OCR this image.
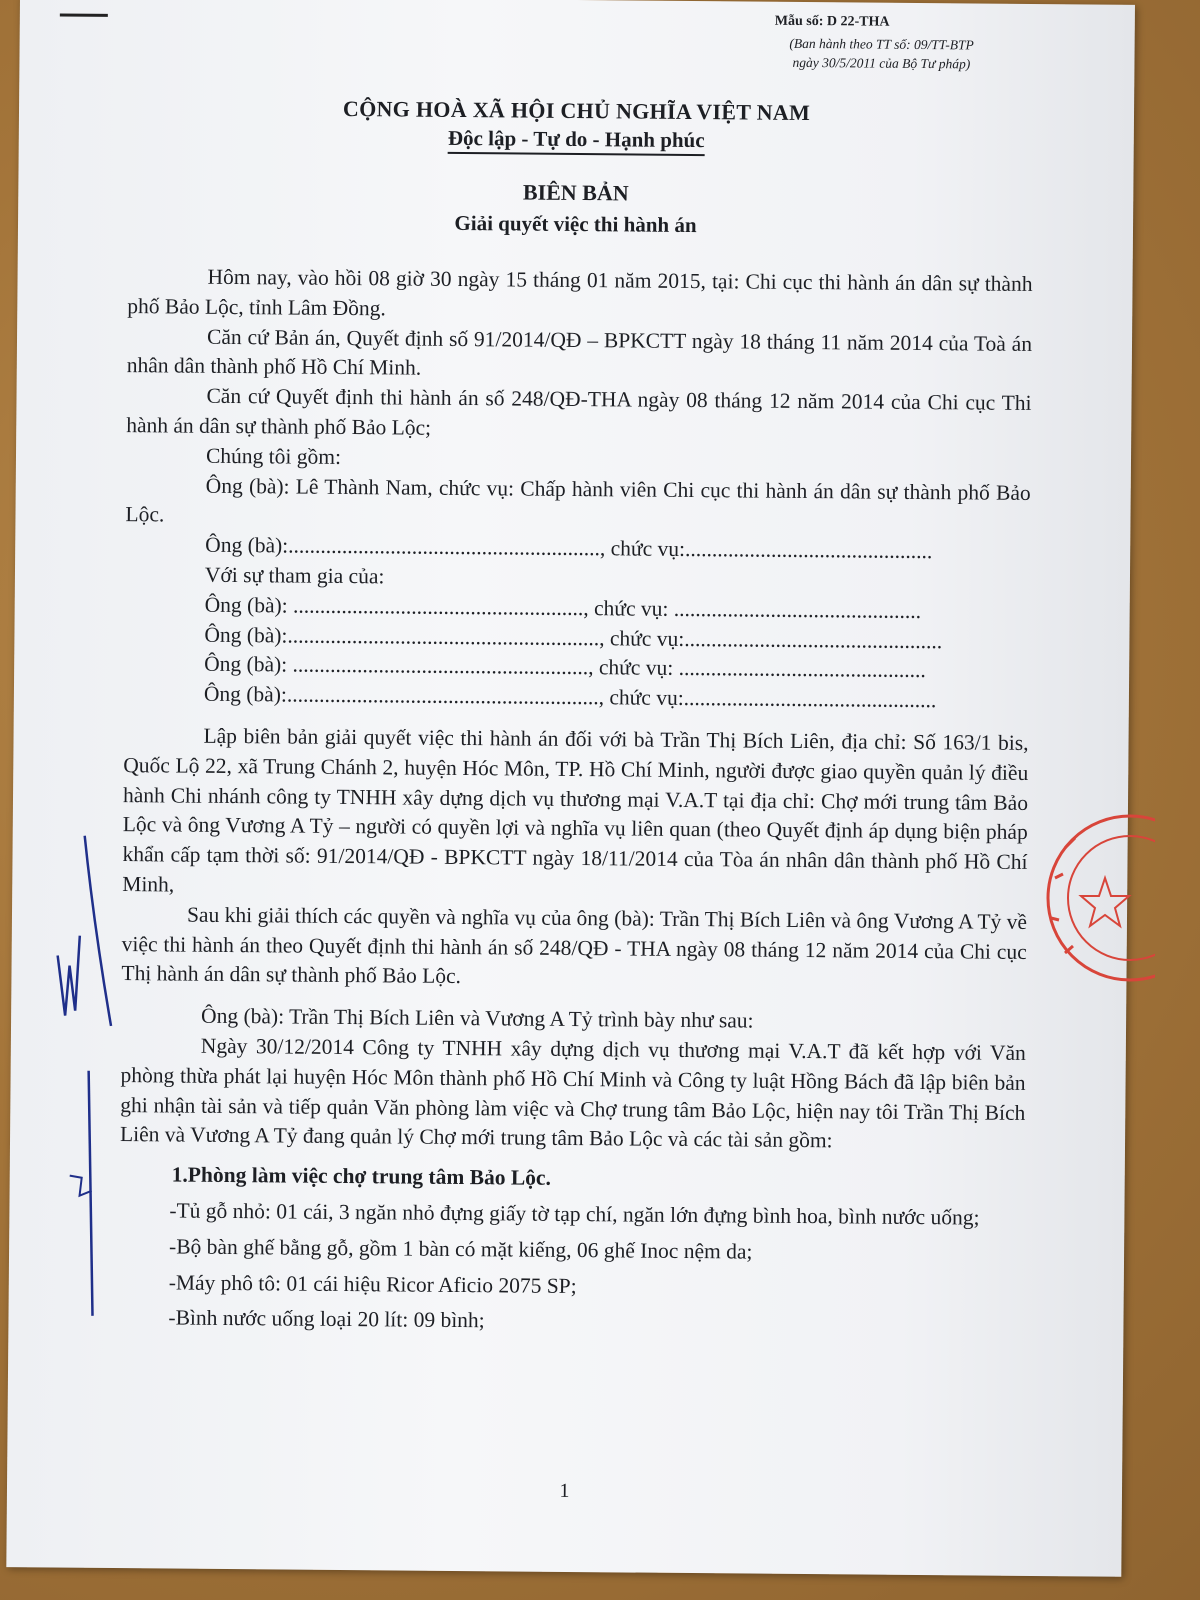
Mẫu số: D 22-THA
(Ban hành theo TT số: 09/TT-BTP
ngày 30/5/2011 của Bộ Tư pháp)
CỘNG HOÀ XÃ HỘI CHỦ NGHĨA VIỆT NAM
Độc lập - Tự do - Hạnh phúc
BIÊN BẢN
Giải quyết việc thi hành án

Hôm nay, vào hồi 08 giờ 30 ngày 15 tháng 01 năm 2015, tại: Chi cục thi hành án dân sự thành phố Bảo Lộc, tỉnh Lâm Đồng.

Căn cứ Bản án, Quyết định số 91/2014/QĐ – BPKCTT ngày 18 tháng 11 năm 2014 của Toà án nhân dân thành phố Hồ Chí Minh.

Căn cứ Quyết định thi hành án số 248/QĐ-THA ngày 08 tháng 12 năm 2014 của Chi cục Thi hành án dân sự thành phố Bảo Lộc;

Chúng tôi gồm:

Ông (bà): Lê Thành Nam, chức vụ: Chấp hành viên Chi cục thi hành án dân sự thành phố Bảo Lộc.

Ông (bà):.........................................................., chức vụ:..............................................

Với sự tham gia của:

Ông (bà): ......................................................, chức vụ: ..............................................

Ông (bà):.........................................................., chức vụ:................................................

Ông (bà): ......................................................., chức vụ: ..............................................

Ông (bà):.........................................................., chức vụ:...............................................

Lập biên bản giải quyết việc thi hành án đối với bà Trần Thị Bích Liên, địa chỉ: Số 163/1 bis, Quốc Lộ 22, xã Trung Chánh 2, huyện Hóc Môn, TP. Hồ Chí Minh, người được giao quyền quản lý điều hành Chi nhánh công ty TNHH xây dựng dịch vụ thương mại V.A.T tại địa chỉ: Chợ mới trung tâm Bảo Lộc và ông Vương A Tỷ – người có quyền lợi và nghĩa vụ liên quan (theo Quyết định áp dụng biện pháp khẩn cấp tạm thời số: 91/2014/QĐ - BPKCTT ngày 18/11/2014 của Tòa án nhân dân thành phố Hồ Chí Minh,

Sau khi giải thích các quyền và nghĩa vụ của ông (bà): Trần Thị Bích Liên và ông Vương A Tỷ về việc thi hành án theo Quyết định thi hành án số 248/QĐ - THA ngày 08 tháng 12 năm 2014 của Chi cục Thị hành án dân sự thành phố Bảo Lộc.

Ông (bà): Trần Thị Bích Liên và Vương A Tỷ trình bày như sau:

Ngày 30/12/2014 Công ty TNHH xây dựng dịch vụ thương mại V.A.T đã kết hợp với Văn phòng thừa phát lại huyện Hóc Môn thành phố Hồ Chí Minh và Công ty luật Hồng Bách đã lập biên bản ghi nhận tài sản và tiếp quản Văn phòng làm việc và Chợ trung tâm Bảo Lộc, hiện nay tôi Trần Thị Bích Liên và Vương A Tỷ đang quản lý Chợ mới trung tâm Bảo Lộc và các tài sản gồm:

1.Phòng làm việc chợ trung tâm Bảo Lộc.

-Tủ gỗ nhỏ: 01 cái, 3 ngăn nhỏ đựng giấy tờ tạp chí, ngăn lớn đựng bình hoa, bình nước uống;

-Bộ bàn ghế bằng gỗ, gồm 1 bàn có mặt kiếng, 06 ghế Inoc nệm da;

-Máy phô tô: 01 cái hiệu Ricor Aficio 2075 SP;

-Bình nước uống loại 20 lít: 09 bình;

1
